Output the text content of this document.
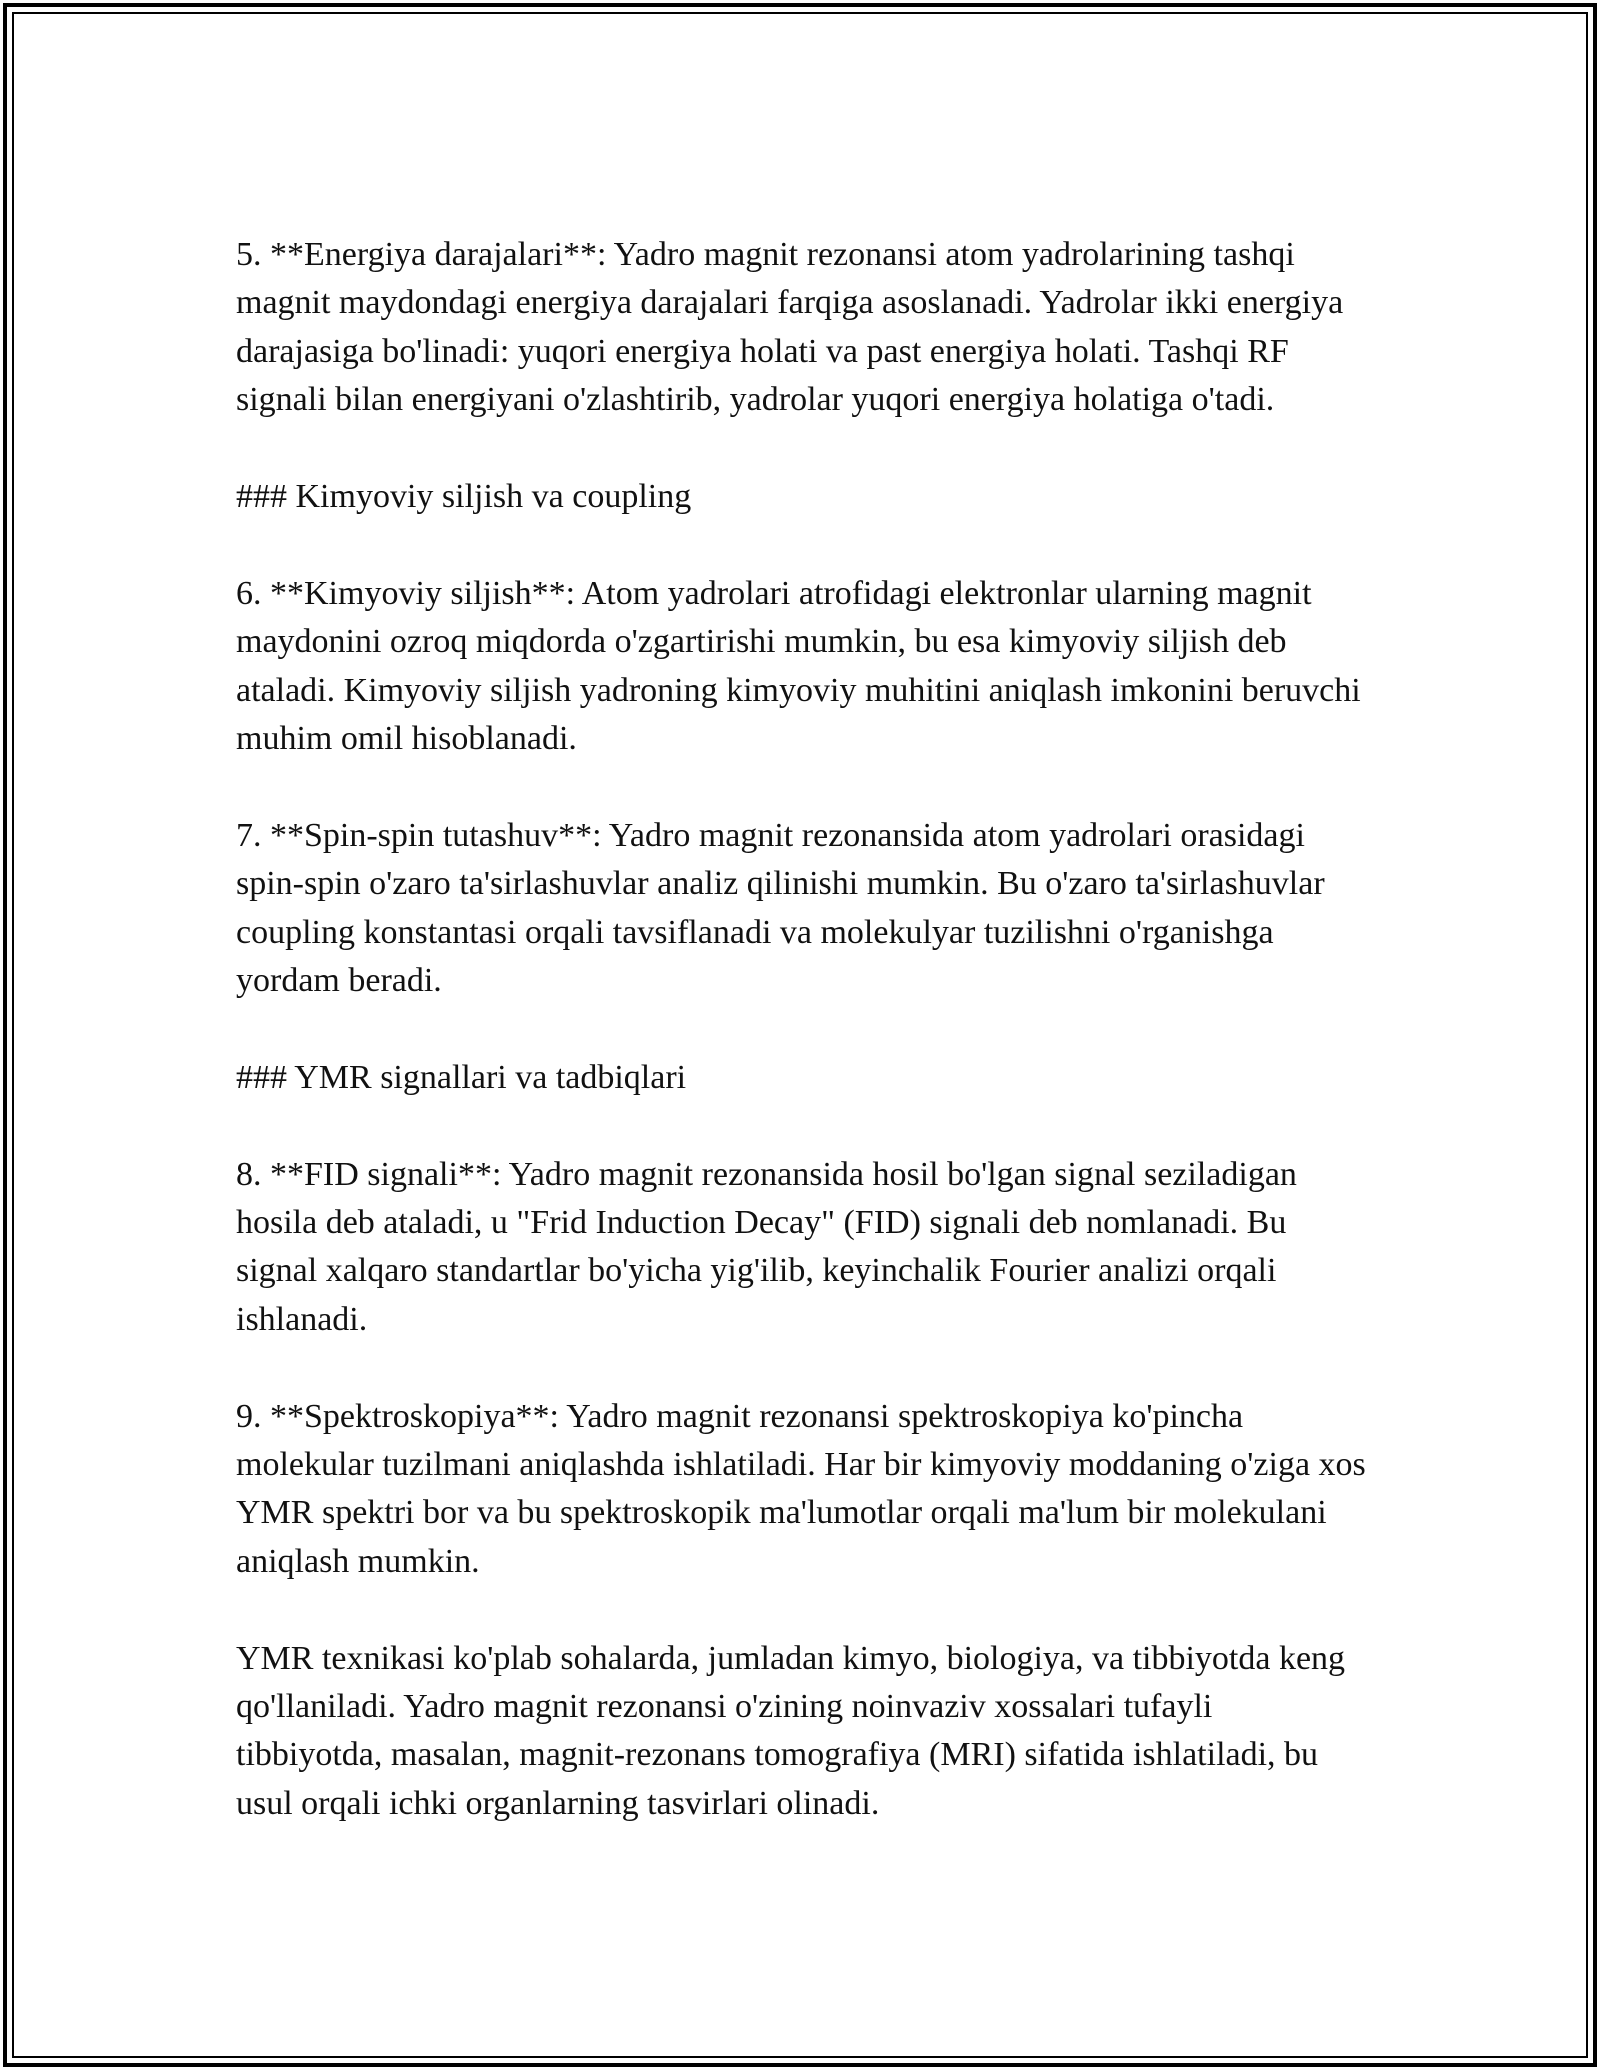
5. **Energiya darajalari**: Yadro magnit rezonansi atom yadrolarining tashqi magnit maydondagi energiya darajalari farqiga asoslanadi. Yadrolar ikki energiya darajasiga bo'linadi: yuqori energiya holati va past energiya holati. Tashqi RF signali bilan energiyani o'zlashtirib, yadrolar yuqori energiya holatiga o'tadi.

### Kimyoviy siljish va coupling

6. **Kimyoviy siljish**: Atom yadrolari atrofidagi elektronlar ularning magnit maydonini ozroq miqdorda o'zgartirishi mumkin, bu esa kimyoviy siljish deb ataladi. Kimyoviy siljish yadroning kimyoviy muhitini aniqlash imkonini beruvchi muhim omil hisoblanadi.

7. **Spin-spin tutashuv**: Yadro magnit rezonansida atom yadrolari orasidagi spin-spin o'zaro ta'sirlashuvlar analiz qilinishi mumkin. Bu o'zaro ta'sirlashuvlar coupling konstantasi orqali tavsiflanadi va molekulyar tuzilishni o'rganishga yordam beradi.

### YMR signallari va tadbiqlari

8. **FID signali**: Yadro magnit rezonansida hosil bo'lgan signal seziladigan hosila deb ataladi, u "Frid Induction Decay" (FID) signali deb nomlanadi. Bu signal xalqaro standartlar bo'yicha yig'ilib, keyinchalik Fourier analizi orqali ishlanadi.

9. **Spektroskopiya**: Yadro magnit rezonansi spektroskopiya ko'pincha molekular tuzilmani aniqlashda ishlatiladi. Har bir kimyoviy moddaning o'ziga xos YMR spektri bor va bu spektroskopik ma'lumotlar orqali ma'lum bir molekulani aniqlash mumkin.

YMR texnikasi ko'plab sohalarda, jumladan kimyo, biologiya, va tibbiyotda keng qo'llaniladi. Yadro magnit rezonansi o'zining noinvaziv xossalari tufayli tibbiyotda, masalan, magnit-rezonans tomografiya (MRI) sifatida ishlatiladi, bu usul orqali ichki organlarning tasvirlari olinadi.
